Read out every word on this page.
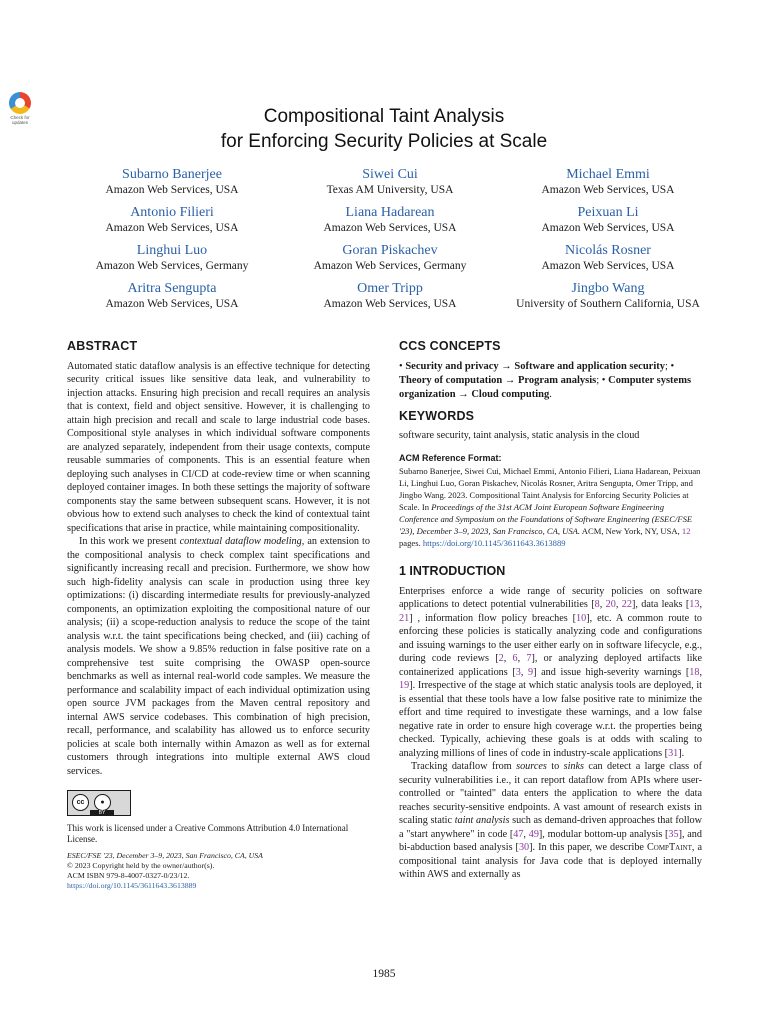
Check for updates	Compositional Taint Analysis
for Enforcing Security Policies at Scale
Subarno Banerjee
Amazon Web Services, USA
Siwei Cui
Texas AM University, USA
Michael Emmi
Amazon Web Services, USA
Antonio Filieri
Amazon Web Services, USA
Liana Hadarean
Amazon Web Services, USA
Peixuan Li
Amazon Web Services, USA
Linghui Luo
Amazon Web Services, Germany
Goran Piskachev
Amazon Web Services, Germany
Nicolás Rosner
Amazon Web Services, USA
Aritra Sengupta
Amazon Web Services, USA
Omer Tripp
Amazon Web Services, USA
Jingbo Wang
University of Southern California, USA
ABSTRACT

Automated static dataflow analysis is an effective technique for detecting security critical issues like sensitive data leak, and vulnerability to injection attacks. Ensuring high precision and recall requires an analysis that is context, field and object sensitive. However, it is challenging to attain high precision and recall and scale to large industrial code bases. Compositional style analyses in which individual software components are analyzed separately, independent from their usage contexts, compute reusable summaries of components. This is an essential feature when deploying such analyses in CI/CD at code-review time or when scanning deployed container images. In both these settings the majority of software components stay the same between subsequent scans. However, it is not obvious how to extend such analyses to check the kind of contextual taint specifications that arise in practice, while maintaining compositionality.

In this work we present contextual dataflow modeling, an extension to the compositional analysis to check complex taint specifications and significantly increasing recall and precision. Furthermore, we show how such high-fidelity analysis can scale in production using three key optimizations: (i) discarding intermediate results for previously-analyzed components, an optimization exploiting the compositional nature of our analysis; (ii) a scope-reduction analysis to reduce the scope of the taint analysis w.r.t. the taint specifications being checked, and (iii) caching of analysis models. We show a 9.85% reduction in false positive rate on a comprehensive test suite comprising the OWASP open-source benchmarks as well as internal real-world code samples. We measure the performance and scalability impact of each individual optimization using open source JVM packages from the Maven central repository and internal AWS service codebases. This combination of high precision, recall, performance, and scalability has allowed us to enforce security policies at scale both internally within Amazon as well as for external customers through integrations into multiple external AWS cloud services.

cc	●
BY
This work is licensed under a Creative Commons Attribution 4.0 International License.
ESEC/FSE '23, December 3–9, 2023, San Francisco, CA, USA
© 2023 Copyright held by the owner/author(s).
ACM ISBN 979-8-4007-0327-0/23/12.
https://doi.org/10.1145/3611643.3613889
CCS CONCEPTS

• Security and privacy → Software and application security; • Theory of computation → Program analysis; • Computer systems organization → Cloud computing.

KEYWORDS

software security, taint analysis, static analysis in the cloud

ACM Reference Format:

Subarno Banerjee, Siwei Cui, Michael Emmi, Antonio Filieri, Liana Hadarean, Peixuan Li, Linghui Luo, Goran Piskachev, Nicolás Rosner, Aritra Sengupta, Omer Tripp, and Jingbo Wang. 2023. Compositional Taint Analysis for Enforcing Security Policies at Scale. In Proceedings of the 31st ACM Joint European Software Engineering Conference and Symposium on the Foundations of Software Engineering (ESEC/FSE '23), December 3–9, 2023, San Francisco, CA, USA. ACM, New York, NY, USA, 12 pages. https://doi.org/10.1145/3611643.3613889

1 INTRODUCTION

Enterprises enforce a wide range of security policies on software applications to detect potential vulnerabilities [8, 20, 22], data leaks [13, 21] , information flow policy breaches [10], etc. A common route to enforcing these policies is statically analyzing code and configurations and issuing warnings to the user either early on in software lifecycle, e.g., during code reviews [2, 6, 7], or analyzing deployed artifacts like containerized applications [3, 9] and issue high-severity warnings [18, 19]. Irrespective of the stage at which static analysis tools are deployed, it is essential that these tools have a low false positive rate to minimize the effort and time required to investigate these warnings, and a low false negative rate in order to ensure high coverage w.r.t. the properties being checked. Typically, achieving these goals is at odds with scaling to analyzing millions of lines of code in industry-scale applications [31].

Tracking dataflow from sources to sinks can detect a large class of security vulnerabilities i.e., it can report dataflow from APIs where user-controlled or "tainted" data enters the application to where the data reaches security-sensitive endpoints. A vast amount of research exists in scaling static taint analysis such as demand-driven approaches that follow a "start anywhere" in code [47, 49], modular bottom-up analysis [35], and bi-abduction based analysis [30]. In this paper, we describe CompTaint, a compositional taint analysis for Java code that is deployed internally within AWS and externally as

1985
